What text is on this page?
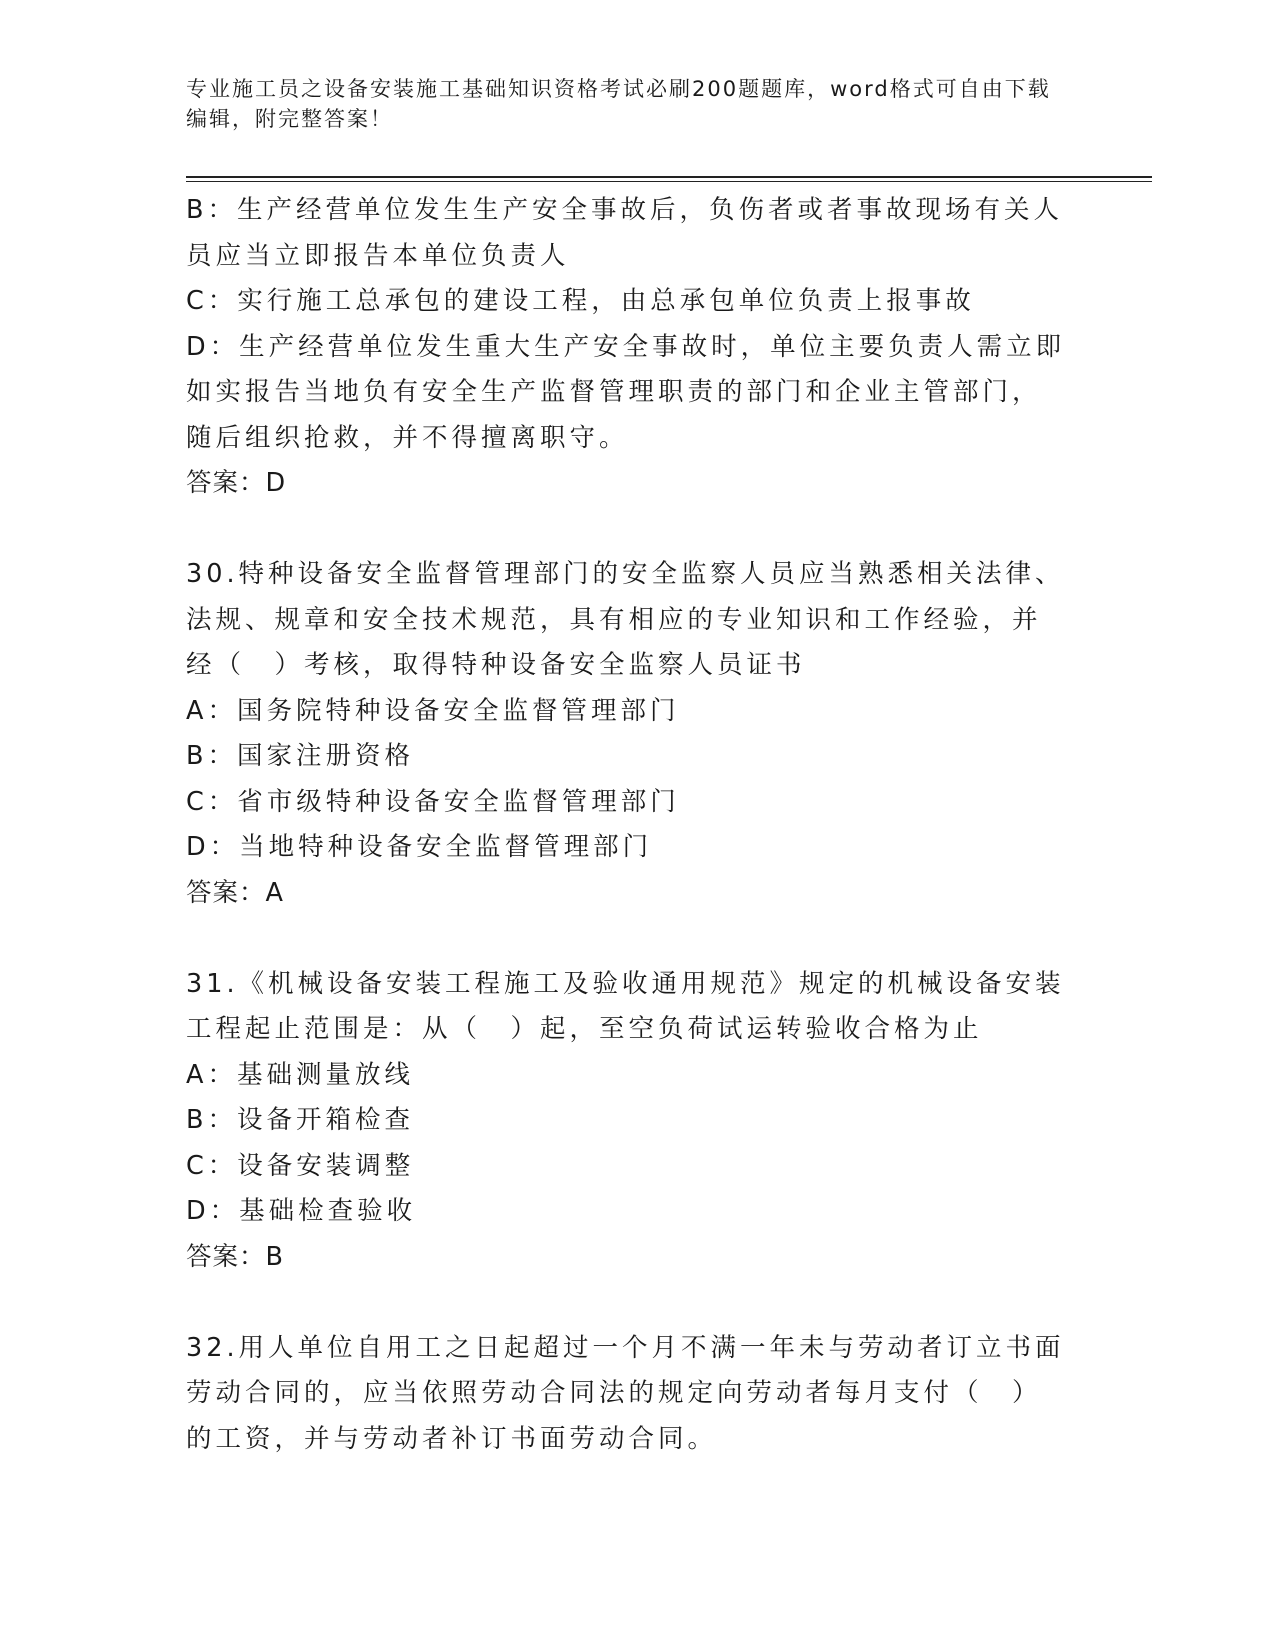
专业施工员之设备安装施工基础知识资格考试必刷200题题库，word格式可自由下载编辑，附完整答案！

B：生产经营单位发生生产安全事故后，负伤者或者事故现场有关人员应当立即报告本单位负责人

C：实行施工总承包的建设工程，由总承包单位负责上报事故

D：生产经营单位发生重大生产安全事故时，单位主要负责人需立即如实报告当地负有安全生产监督管理职责的部门和企业主管部门，随后组织抢救，并不得擅离职守。

答案：D

30.特种设备安全监督管理部门的安全监察人员应当熟悉相关法律、法规、规章和安全技术规范，具有相应的专业知识和工作经验，并经（　）考核，取得特种设备安全监察人员证书

A：国务院特种设备安全监督管理部门

B：国家注册资格

C：省市级特种设备安全监督管理部门

D：当地特种设备安全监督管理部门

答案：A

31.《机械设备安装工程施工及验收通用规范》规定的机械设备安装工程起止范围是：从（　）起，至空负荷试运转验收合格为止

A：基础测量放线

B：设备开箱检查

C：设备安装调整

D：基础检查验收

答案：B

32.用人单位自用工之日起超过一个月不满一年未与劳动者订立书面劳动合同的，应当依照劳动合同法的规定向劳动者每月支付（　）的工资，并与劳动者补订书面劳动合同。
